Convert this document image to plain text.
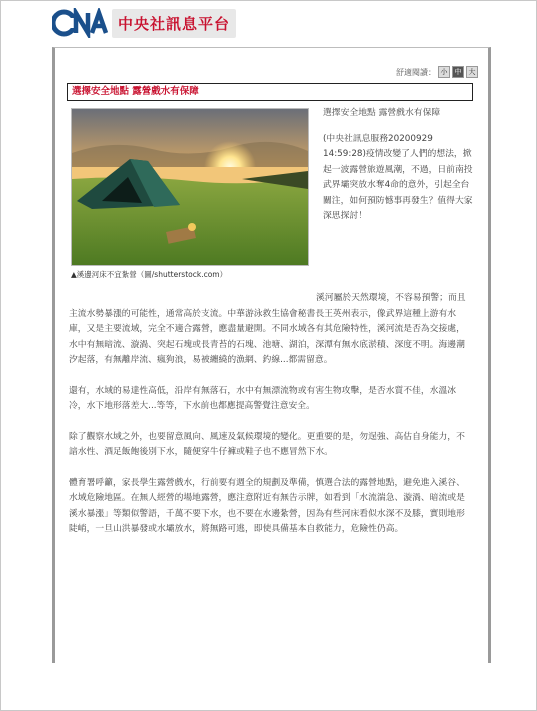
中央社訊息平台
舒適閱讀： 小	中	大
選擇安全地點 露營戲水有保障
▲溪邊河床不宜紮營（圖/shutterstock.com）

選擇安全地點 露營戲水有保障

(中央社訊息服務20200929 14:59:28)疫情改變了人們的想法，掀起一波露營旅遊風潮，不過，日前南投武界壩突放水奪4命的意外，引起全台關注，如何預防憾事再發生？值得大家深思探討！

溪河屬於天然環境，不容易預警；而且主流水勢暴漲的可能性，通常高於支流。中華游泳救生協會秘書長王英州表示，像武界這種上游有水庫，又是主要流域，完全不適合露營，應盡量避開。不同水域各有其危險特性，溪河流是否為交接處，水中有無暗流、漩渦、突起石塊或長青苔的石塊、池塘、湖泊，深潭有無水底淤積、深度不明。海邊潮汐起落，有無離岸流、瘋狗浪，易被纏繞的漁網、釣線...都需留意。

還有，水域的易達性高低，沿岸有無落石，水中有無漂流物或有害生物攻擊，是否水質不佳，水溫冰冷，水下地形落差大...等等，下水前也都應提高警覺注意安全。

除了觀察水域之外，也要留意風向、風速及氣候環境的變化。更重要的是，勿逞強、高估自身能力，不諳水性、酒足飯飽後別下水，隨便穿牛仔褲或鞋子也不應冒然下水。

體育署呼籲，家長學生露營戲水，行前要有週全的規劃及準備，慎選合法的露營地點，避免進入溪谷、水域危險地區。在無人經營的場地露營，應注意附近有無告示牌，如看到「水流湍急、漩渦、暗流或是溪水暴漲」等類似警語，千萬不要下水，也不要在水邊紮營，因為有些河床看似水深不及膝，實則地形陡峭，一旦山洪暴發或水壩放水，將無路可逃，即使具備基本自救能力，危險性仍高。
